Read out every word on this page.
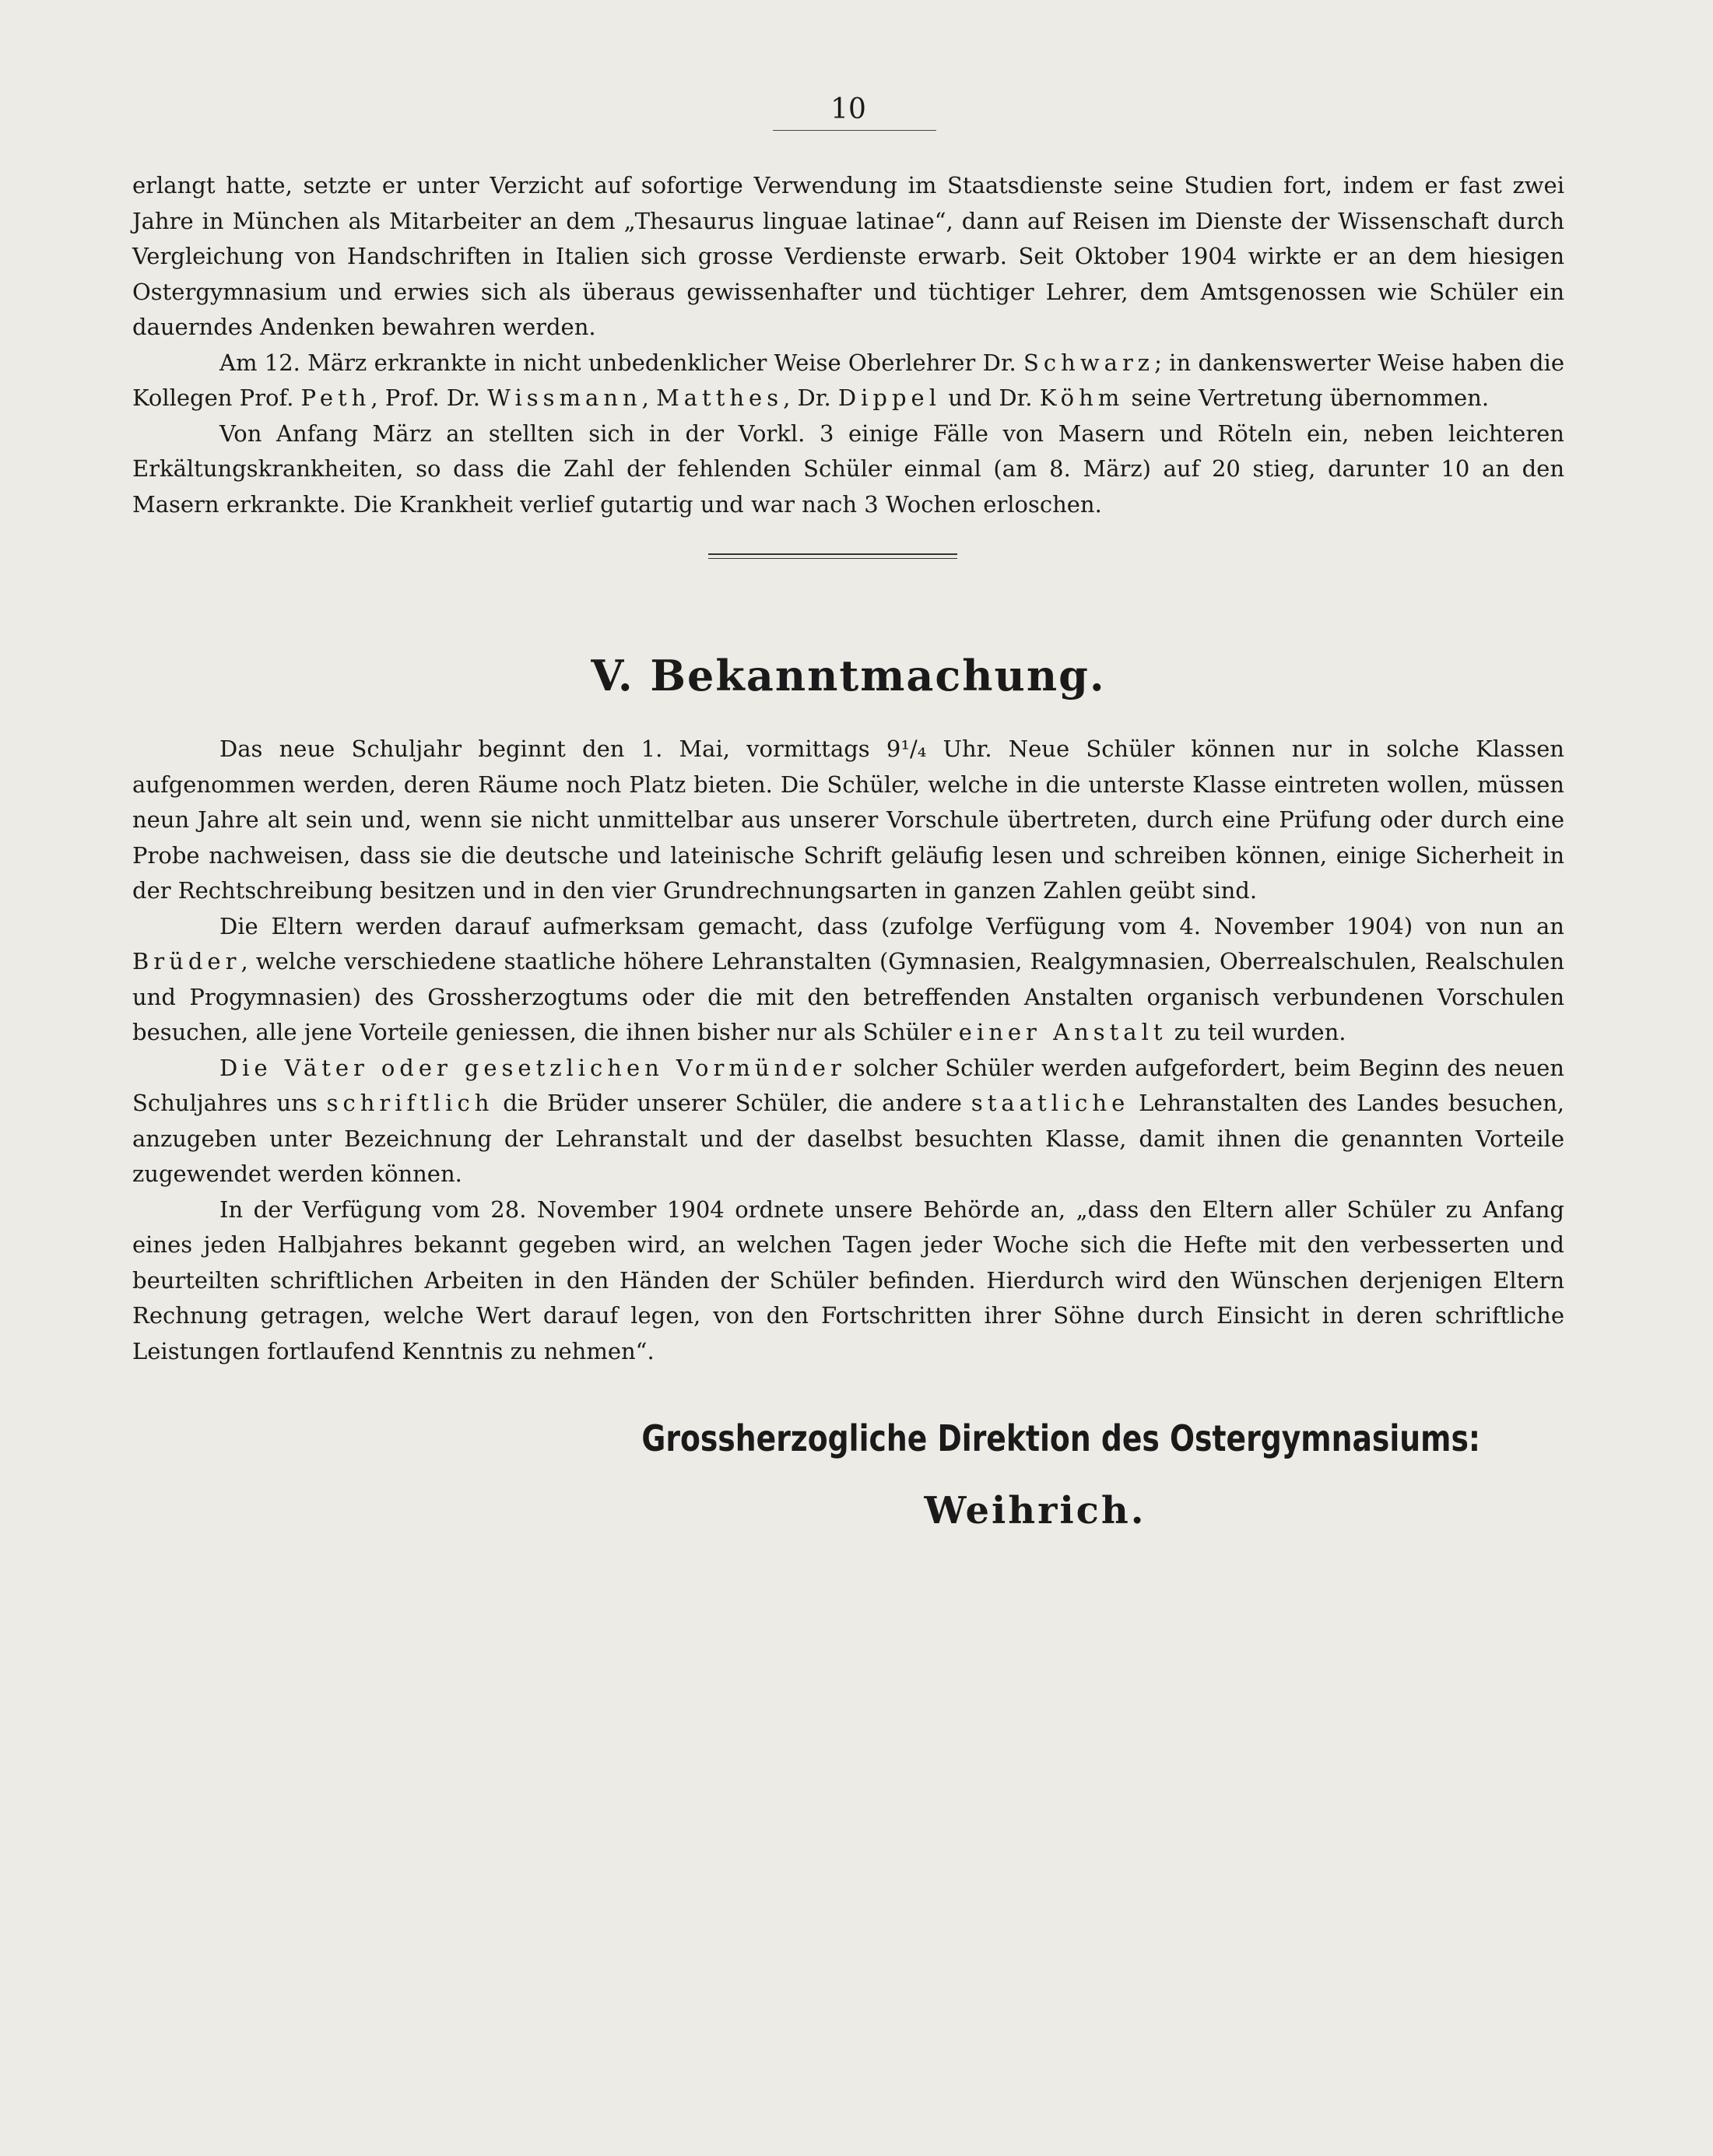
10

erlangt hatte, setzte er unter Verzicht auf sofortige Verwendung im Staatsdienste seine Studien fort, indem er fast zwei Jahre in München als Mitarbeiter an dem „Thesaurus linguae latinae“, dann auf Reisen im Dienste der Wissenschaft durch Vergleichung von Handschriften in Italien sich grosse Verdienste erwarb. Seit Oktober 1904 wirkte er an dem hiesigen Ostergymnasium und erwies sich als überaus gewissenhafter und tüchtiger Lehrer, dem Amtsgenossen wie Schüler ein dauerndes Andenken bewahren werden.

Am 12. März erkrankte in nicht unbedenklicher Weise Oberlehrer Dr. Schwarz; in dankenswerter Weise haben die Kollegen Prof. Peth, Prof. Dr. Wissmann, Matthes, Dr. Dippel und Dr. Köhm seine Vertretung übernommen.

Von Anfang März an stellten sich in der Vorkl. 3 einige Fälle von Masern und Röteln ein, neben leichteren Erkältungskrankheiten, so dass die Zahl der fehlenden Schüler einmal (am 8. März) auf 20 stieg, darunter 10 an den Masern erkrankte. Die Krankheit verlief gutartig und war nach 3 Wochen erloschen.

V. Bekanntmachung.

Das neue Schuljahr beginnt den 1. Mai, vormittags 9¹/₄ Uhr. Neue Schüler können nur in solche Klassen aufgenommen werden, deren Räume noch Platz bieten. Die Schüler, welche in die unterste Klasse eintreten wollen, müssen neun Jahre alt sein und, wenn sie nicht unmittelbar aus unserer Vorschule übertreten, durch eine Prüfung oder durch eine Probe nachweisen, dass sie die deutsche und lateinische Schrift geläufig lesen und schreiben können, einige Sicherheit in der Rechtschreibung besitzen und in den vier Grundrechnungsarten in ganzen Zahlen geübt sind.

Die Eltern werden darauf aufmerksam gemacht, dass (zufolge Verfügung vom 4. November 1904) von nun an Brüder, welche verschiedene staatliche höhere Lehranstalten (Gymnasien, Realgymnasien, Oberrealschulen, Realschulen und Progymnasien) des Grossherzogtums oder die mit den betreffenden Anstalten organisch verbundenen Vorschulen besuchen, alle jene Vorteile geniessen, die ihnen bisher nur als Schüler einer Anstalt zu teil wurden.

Die Väter oder gesetzlichen Vormünder solcher Schüler werden aufgefordert, beim Beginn des neuen Schuljahres uns schriftlich die Brüder unserer Schüler, die andere staatliche Lehranstalten des Landes besuchen, anzugeben unter Bezeichnung der Lehranstalt und der daselbst besuchten Klasse, damit ihnen die genannten Vorteile zugewendet werden können.

In der Verfügung vom 28. November 1904 ordnete unsere Behörde an, „dass den Eltern aller Schüler zu Anfang eines jeden Halbjahres bekannt gegeben wird, an welchen Tagen jeder Woche sich die Hefte mit den verbesserten und beurteilten schriftlichen Arbeiten in den Händen der Schüler befinden. Hierdurch wird den Wünschen derjenigen Eltern Rechnung getragen, welche Wert darauf legen, von den Fortschritten ihrer Söhne durch Einsicht in deren schriftliche Leistungen fortlaufend Kenntnis zu nehmen“.

Grossherzogliche Direktion des Ostergymnasiums:
Weihrich.
